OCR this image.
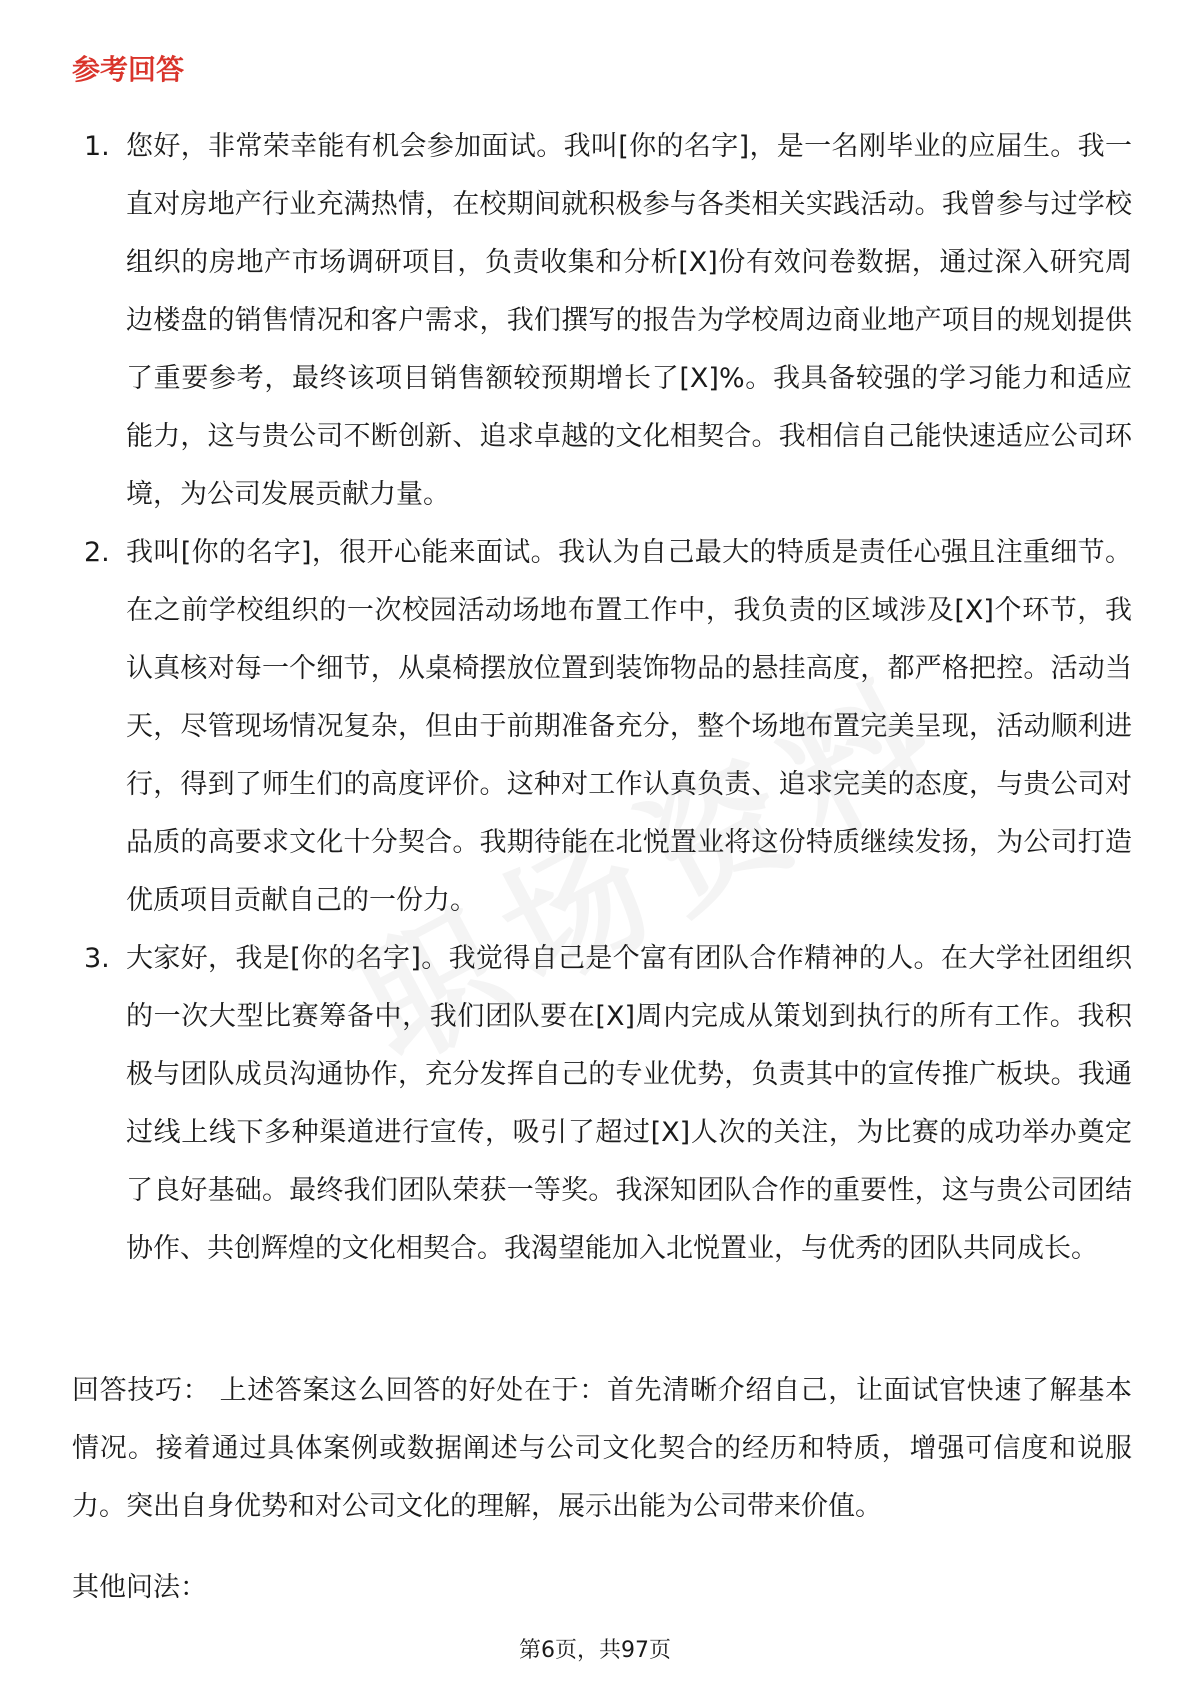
参考回答
1. 您好，非常荣幸能有机会参加面试。我叫[你的名字]，是一名刚毕业的应届生。我一直对房地产行业充满热情，在校期间就积极参与各类相关实践活动。我曾参与过学校组织的房地产市场调研项目，负责收集和分析[X]份有效问卷数据，通过深入研究周边楼盘的销售情况和客户需求，我们撰写的报告为学校周边商业地产项目的规划提供了重要参考，最终该项目销售额较预期增长了[X]%。我具备较强的学习能力和适应能力，这与贵公司不断创新、追求卓越的文化相契合。我相信自己能快速适应公司环境，为公司发展贡献力量。
2. 我叫[你的名字]，很开心能来面试。我认为自己最大的特质是责任心强且注重细节。在之前学校组织的一次校园活动场地布置工作中，我负责的区域涉及[X]个环节，我认真核对每一个细节，从桌椅摆放位置到装饰物品的悬挂高度，都严格把控。活动当天，尽管现场情况复杂，但由于前期准备充分，整个场地布置完美呈现，活动顺利进行，得到了师生们的高度评价。这种对工作认真负责、追求完美的态度，与贵公司对品质的高要求文化十分契合。我期待能在北悦置业将这份特质继续发扬，为公司打造优质项目贡献自己的一份力。
3. 大家好，我是[你的名字]。我觉得自己是个富有团队合作精神的人。在大学社团组织的一次大型比赛筹备中，我们团队要在[X]周内完成从策划到执行的所有工作。我积极与团队成员沟通协作，充分发挥自己的专业优势，负责其中的宣传推广板块。我通过线上线下多种渠道进行宣传，吸引了超过[X]人次的关注，为比赛的成功举办奠定了良好基础。最终我们团队荣获一等奖。我深知团队合作的重要性，这与贵公司团结协作、共创辉煌的文化相契合。我渴望能加入北悦置业，与优秀的团队共同成长。

回答技巧： 上述答案这么回答的好处在于：首先清晰介绍自己，让面试官快速了解基本情况。接着通过具体案例或数据阐述与公司文化契合的经历和特质，增强可信度和说服力。突出自身优势和对公司文化的理解，展示出能为公司带来价值。

其他问法：

第6页，共97页
